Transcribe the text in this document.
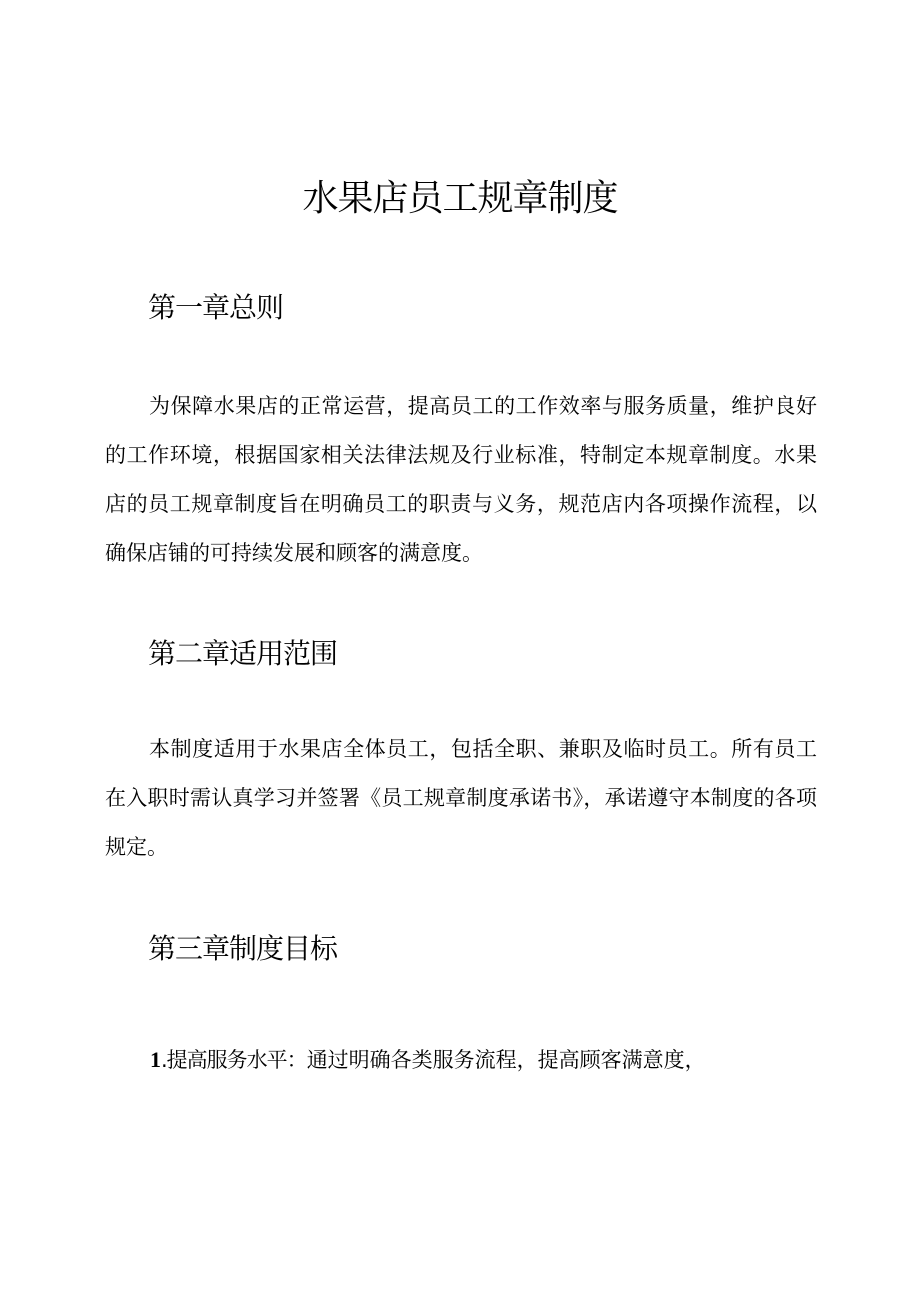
水果店员工规章制度
第一章总则

为保障水果店的正常运营，提高员工的工作效率与服务质量，维护良好的工作环境，根据国家相关法律法规及行业标准，特制定本规章制度。水果店的员工规章制度旨在明确员工的职责与义务，规范店内各项操作流程，以确保店铺的可持续发展和顾客的满意度。

第二章适用范围

本制度适用于水果店全体员工，包括全职、兼职及临时员工。所有员工在入职时需认真学习并签署《员工规章制度承诺书》，承诺遵守本制度的各项规定。

第三章制度目标

1.提高服务水平：通过明确各类服务流程，提高顾客满意度，
